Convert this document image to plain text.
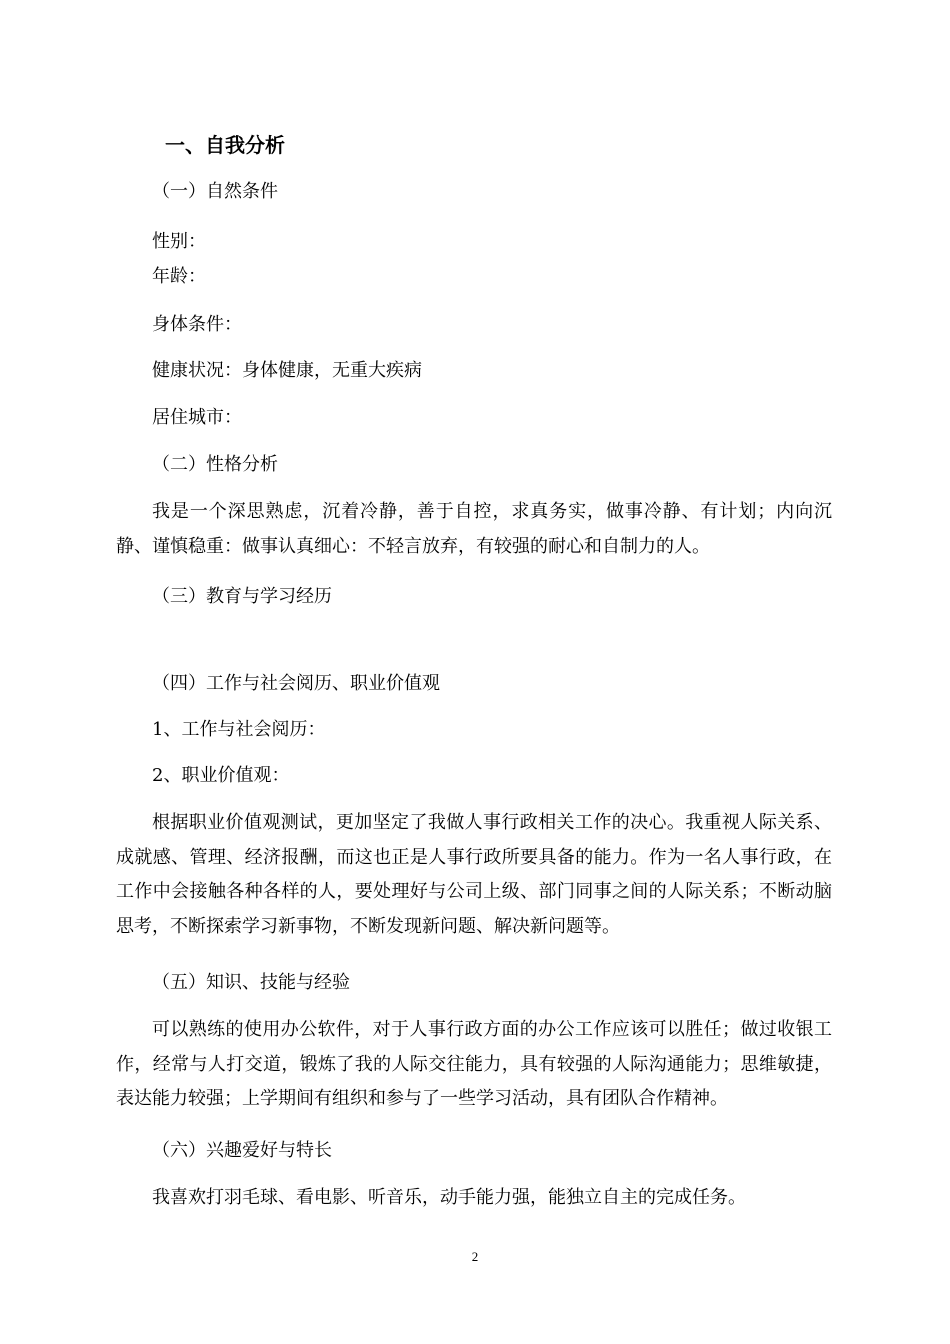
一、自我分析
（一）自然条件
性别：
年龄：
身体条件：
健康状况：身体健康，无重大疾病
居住城市：
（二）性格分析
我是一个深思熟虑，沉着冷静，善于自控，求真务实，做事冷静、有计划；内向沉静、谨慎稳重：做事认真细心：不轻言放弃，有较强的耐心和自制力的人。
（三）教育与学习经历
（四）工作与社会阅历、职业价值观
1、工作与社会阅历：
2、职业价值观：
根据职业价值观测试，更加坚定了我做人事行政相关工作的决心。我重视人际关系、成就感、管理、经济报酬，而这也正是人事行政所要具备的能力。作为一名人事行政，在工作中会接触各种各样的人，要处理好与公司上级、部门同事之间的人际关系；不断动脑思考，不断探索学习新事物，不断发现新问题、解决新问题等。
（五）知识、技能与经验
可以熟练的使用办公软件，对于人事行政方面的办公工作应该可以胜任；做过收银工作，经常与人打交道，锻炼了我的人际交往能力，具有较强的人际沟通能力；思维敏捷，表达能力较强；上学期间有组织和参与了一些学习活动，具有团队合作精神。
（六）兴趣爱好与特长
我喜欢打羽毛球、看电影、听音乐，动手能力强，能独立自主的完成任务。
2
